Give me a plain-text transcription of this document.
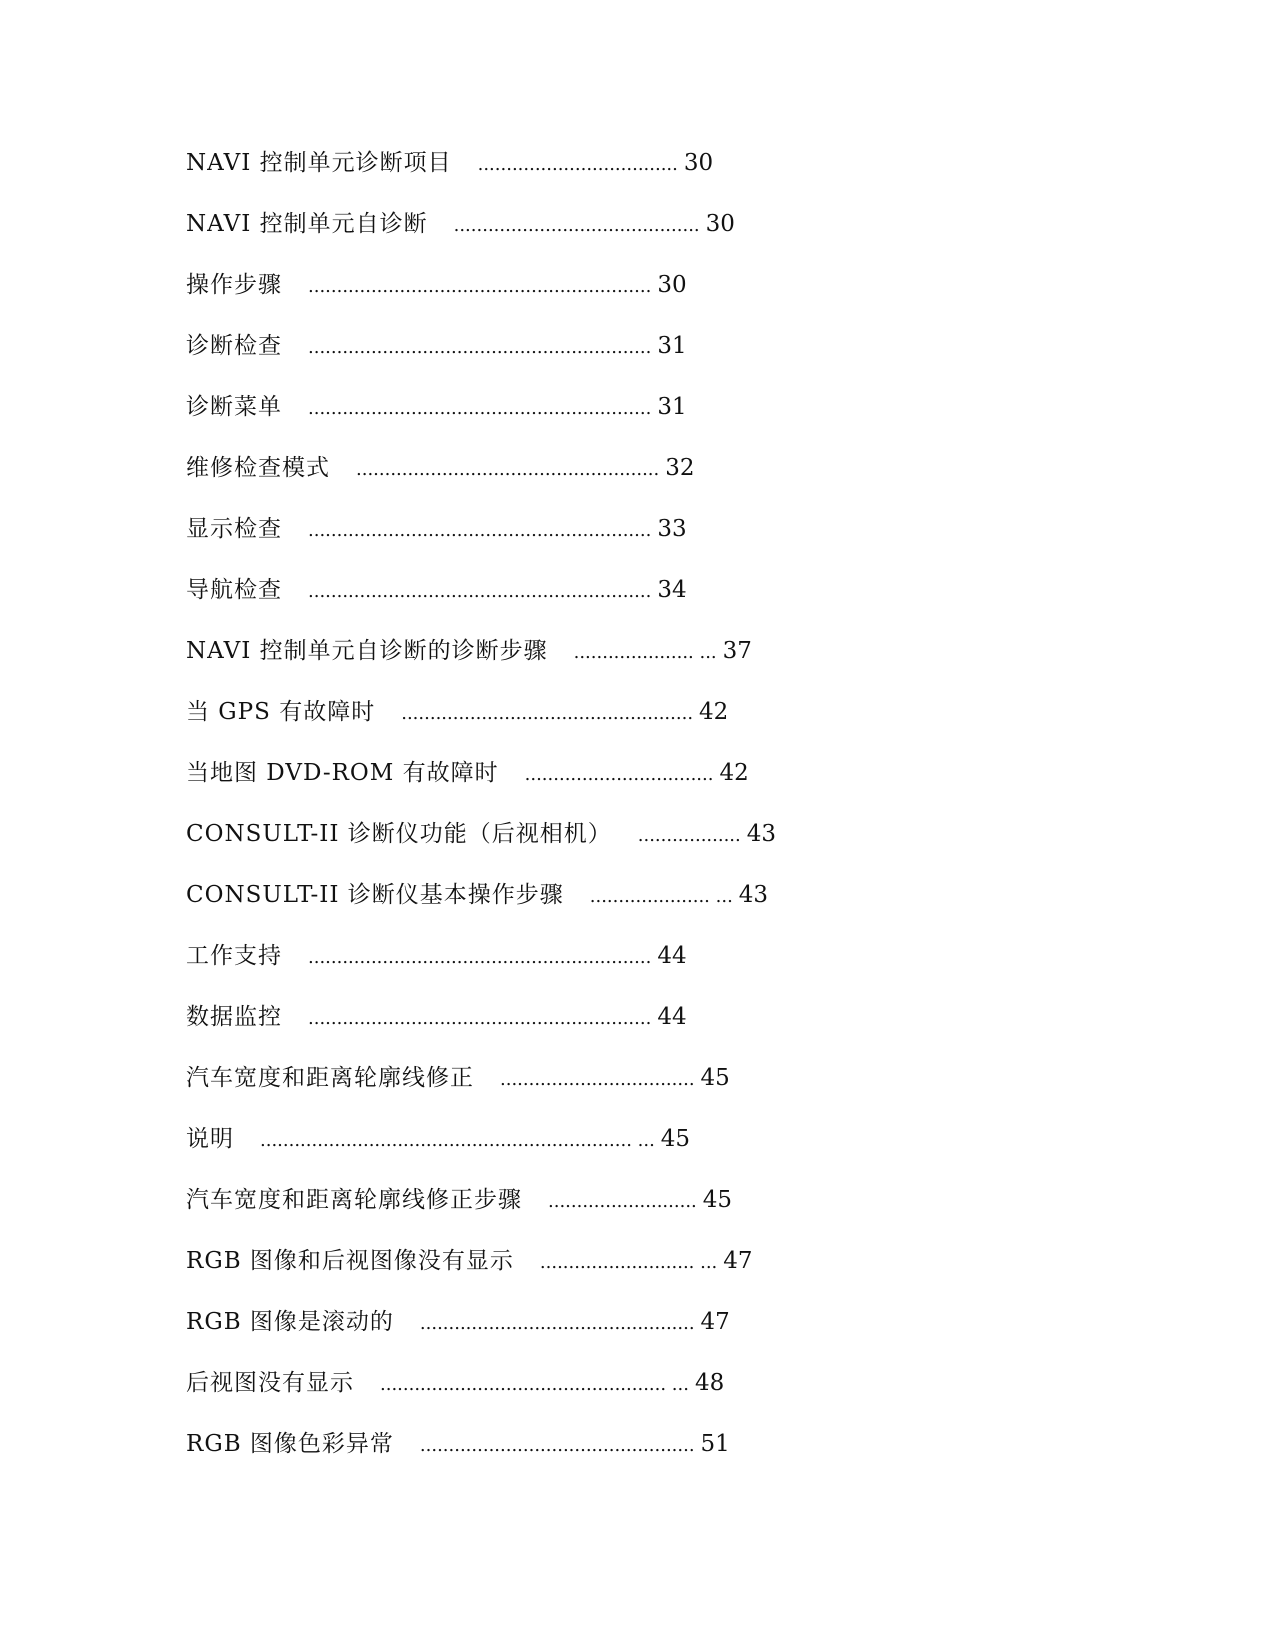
NAVI 控制单元诊断项目 ................................... 30
NAVI 控制单元自诊断 ........................................... 30
操作步骤 ............................................................ 30
诊断检查 ............................................................ 31
诊断菜单 ............................................................ 31
维修检查模式 ..................................................... 32
显示检查 ............................................................ 33
导航检查 ............................................................ 34
NAVI 控制单元自诊断的诊断步骤 ..................... ... 37
当 GPS 有故障时 ................................................... 42
当地图 DVD-ROM 有故障时 ................................. 42
CONSULT-II 诊断仪功能（后视相机） .................. 43
CONSULT-II 诊断仪基本操作步骤 ..................... ... 43
工作支持 ............................................................ 44
数据监控 ............................................................ 44
汽车宽度和距离轮廓线修正 .................................. 45
说明 ................................................................. ... 45
汽车宽度和距离轮廓线修正步骤 .......................... 45
RGB 图像和后视图像没有显示 ........................... ... 47
RGB 图像是滚动的 ................................................ 47
后视图没有显示 .................................................. ... 48
RGB 图像色彩异常 ................................................ 51
